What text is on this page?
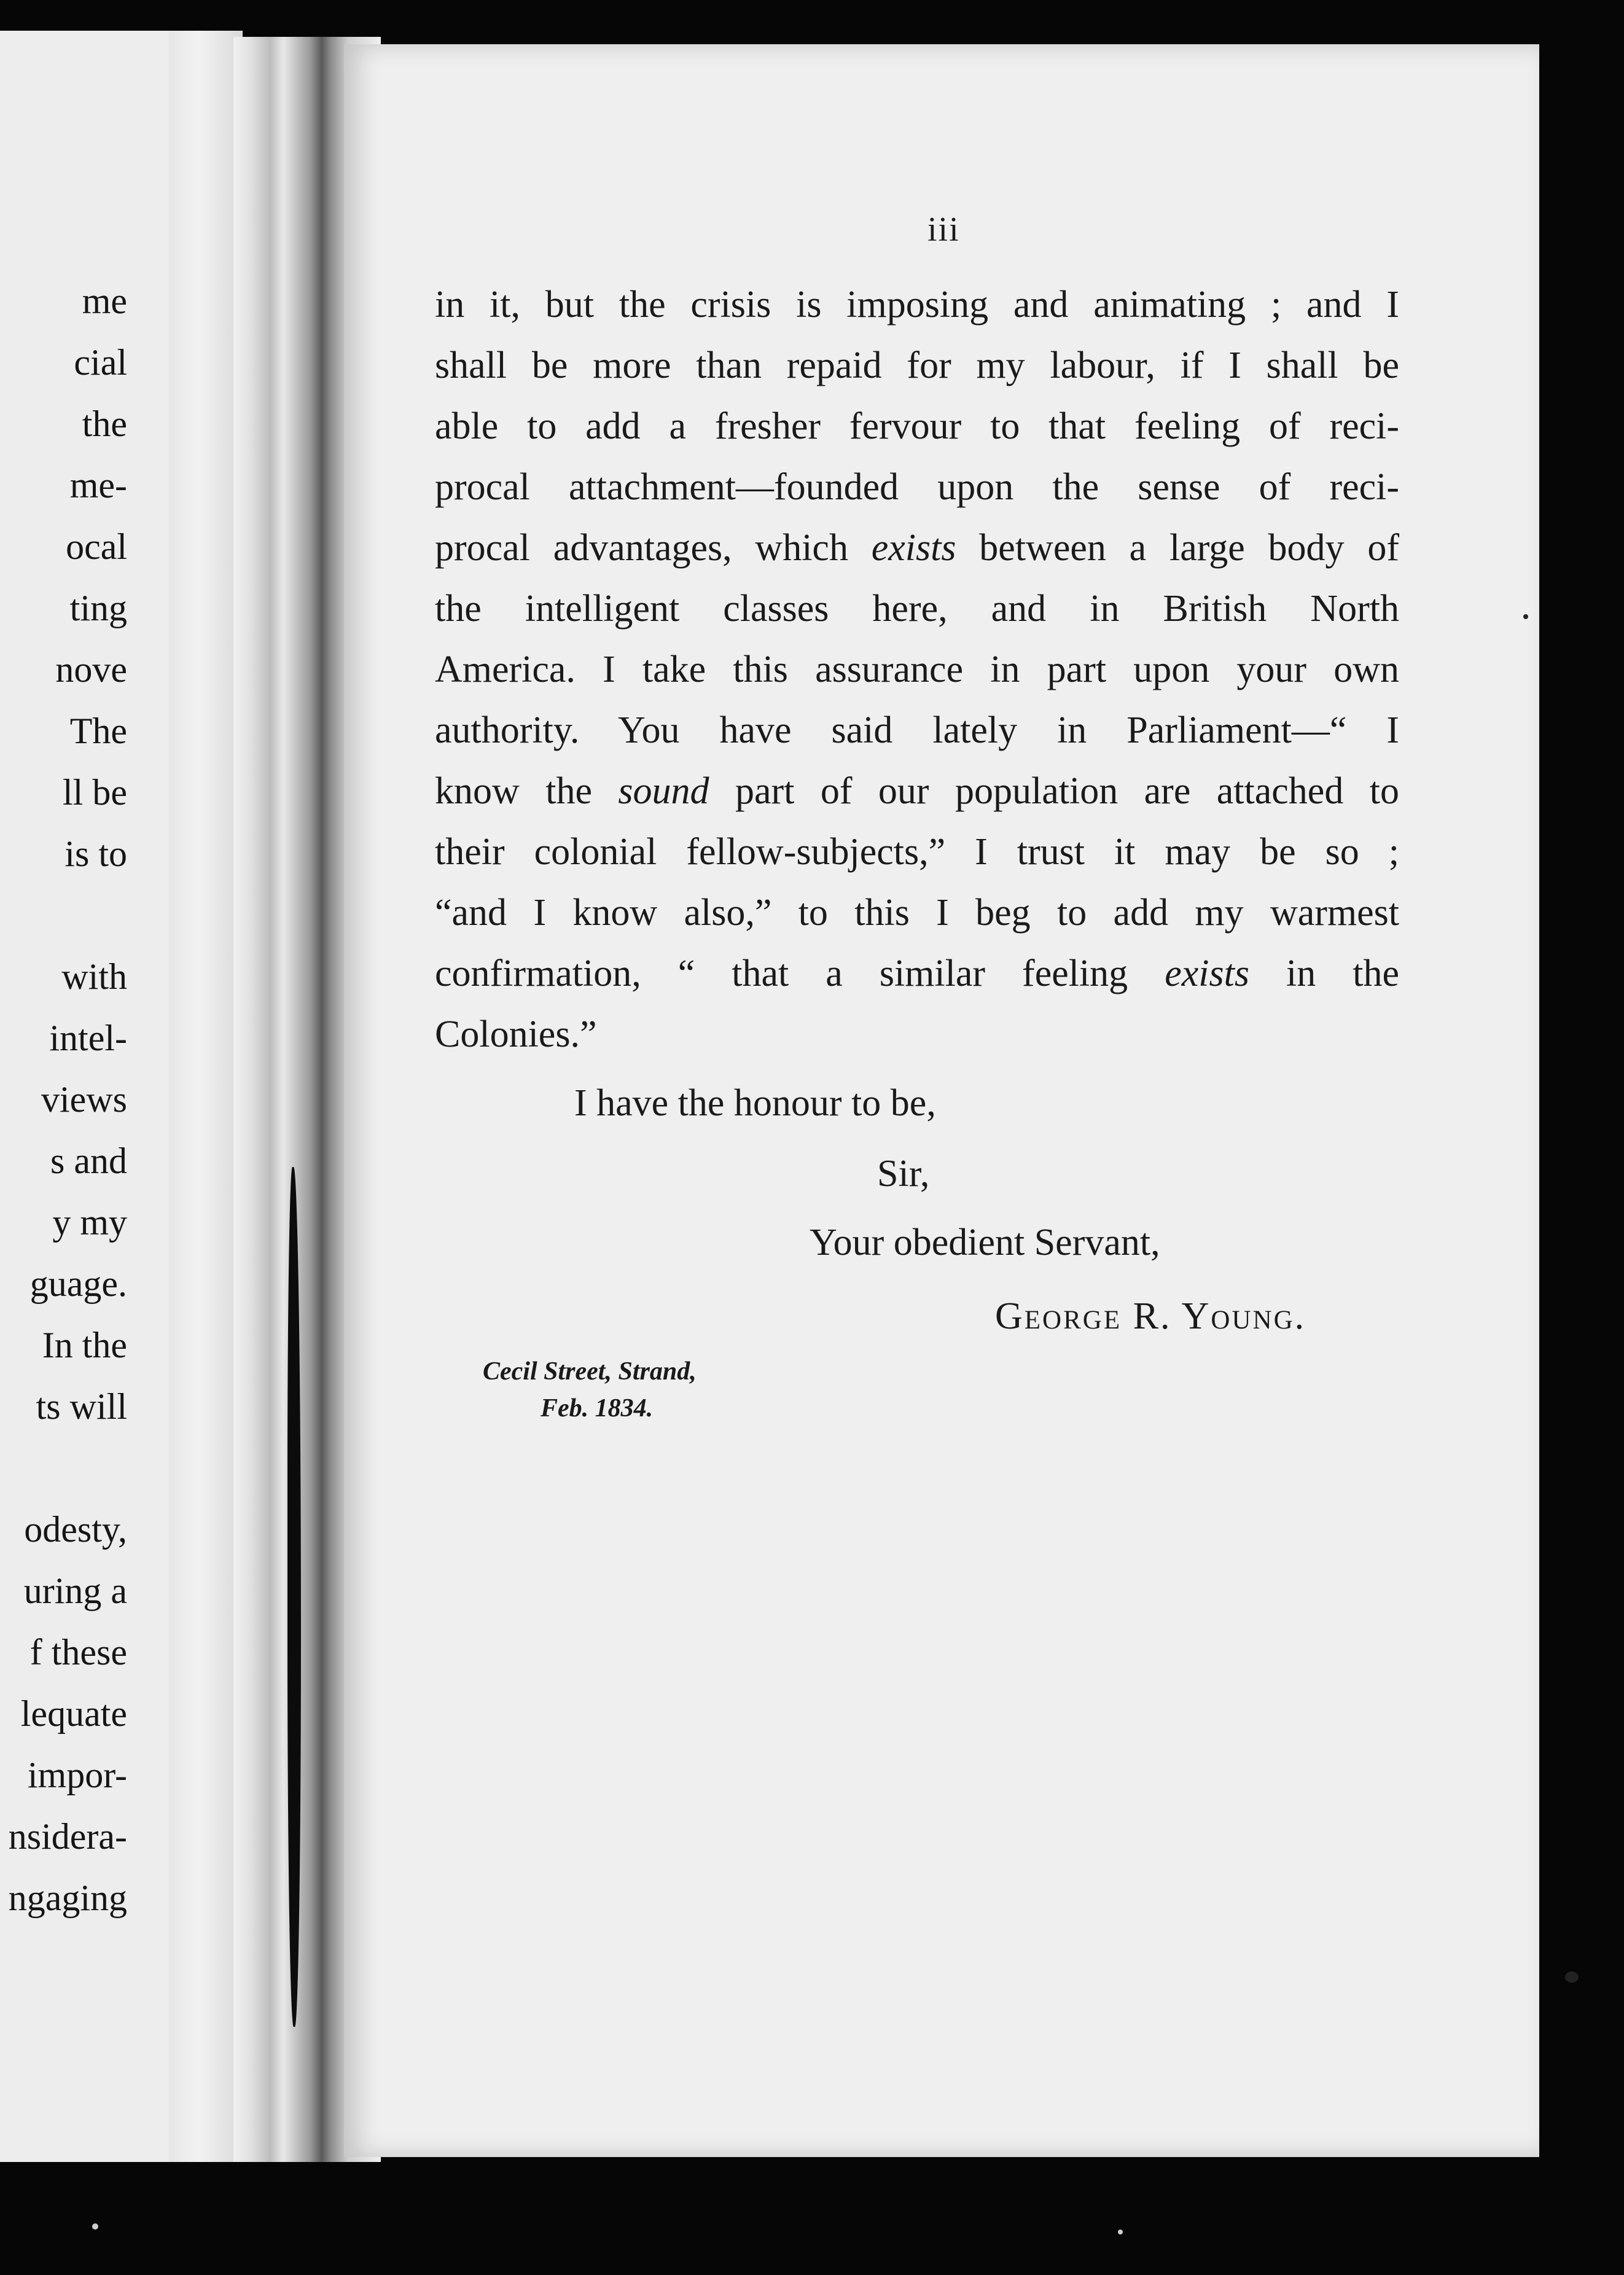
me
cial
the
me-
ocal
ting
nove
The
ll be
is to
with
intel-
views
s and
y my
guage.
In the
ts will
odesty,
uring a
f these
lequate
impor-
nsidera-
ngaging
iii
in it, but the crisis is imposing and animating ; and I
shall be more than repaid for my labour, if I shall be
able to add a fresher fervour to that feeling of reci-
procal attachment—founded upon the sense of reci-
procal advantages, which exists between a large body of
the intelligent classes here, and in British North
America. I take this assurance in part upon your own
authority. You have said lately in Parliament—“ I
know the sound part of our population are attached to
their colonial fellow-subjects,” I trust it may be so ;
“and I know also,” to this I beg to add my warmest
confirmation, “ that a similar feeling exists in the
Colonies.”
I have the honour to be,
Sir,
Your obedient Servant,
George R. Young.
Cecil Street, Strand,
Feb. 1834.
